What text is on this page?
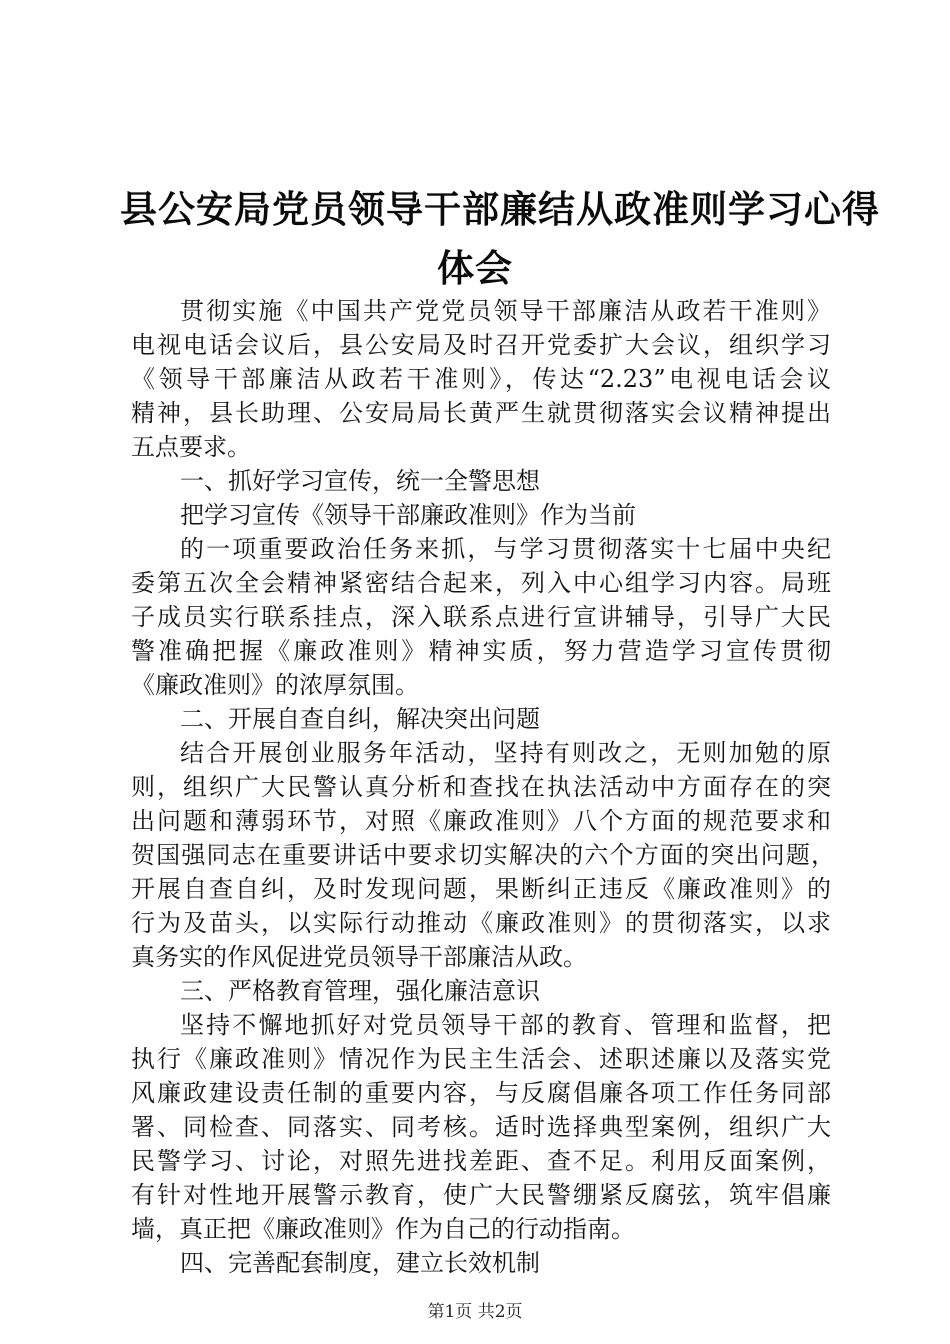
县公安局党员领导干部廉结从政准则学习心得
体会
贯彻实施《中国共产党党员领导干部廉洁从政若干准则》
电视电话会议后，县公安局及时召开党委扩大会议，组织学习
《领导干部廉洁从政若干准则》，传达“2.23”电视电话会议
精神，县长助理、公安局局长黄严生就贯彻落实会议精神提出
五点要求。
一、抓好学习宣传，统一全警思想
把学习宣传《领导干部廉政准则》作为当前
的一项重要政治任务来抓，与学习贯彻落实十七届中央纪
委第五次全会精神紧密结合起来，列入中心组学习内容。局班
子成员实行联系挂点，深入联系点进行宣讲辅导，引导广大民
警准确把握《廉政准则》精神实质，努力营造学习宣传贯彻
《廉政准则》的浓厚氛围。
二、开展自查自纠，解决突出问题
结合开展创业服务年活动，坚持有则改之，无则加勉的原
则，组织广大民警认真分析和查找在执法活动中方面存在的突
出问题和薄弱环节，对照《廉政准则》八个方面的规范要求和
贺国强同志在重要讲话中要求切实解决的六个方面的突出问题，
开展自查自纠，及时发现问题，果断纠正违反《廉政准则》的
行为及苗头，以实际行动推动《廉政准则》的贯彻落实，以求
真务实的作风促进党员领导干部廉洁从政。
三、严格教育管理，强化廉洁意识
坚持不懈地抓好对党员领导干部的教育、管理和监督，把
执行《廉政准则》情况作为民主生活会、述职述廉以及落实党
风廉政建设责任制的重要内容，与反腐倡廉各项工作任务同部
署、同检查、同落实、同考核。适时选择典型案例，组织广大
民警学习、讨论，对照先进找差距、查不足。利用反面案例，
有针对性地开展警示教育，使广大民警绷紧反腐弦，筑牢倡廉
墙，真正把《廉政准则》作为自己的行动指南。
四、完善配套制度，建立长效机制
第1页 共2页
